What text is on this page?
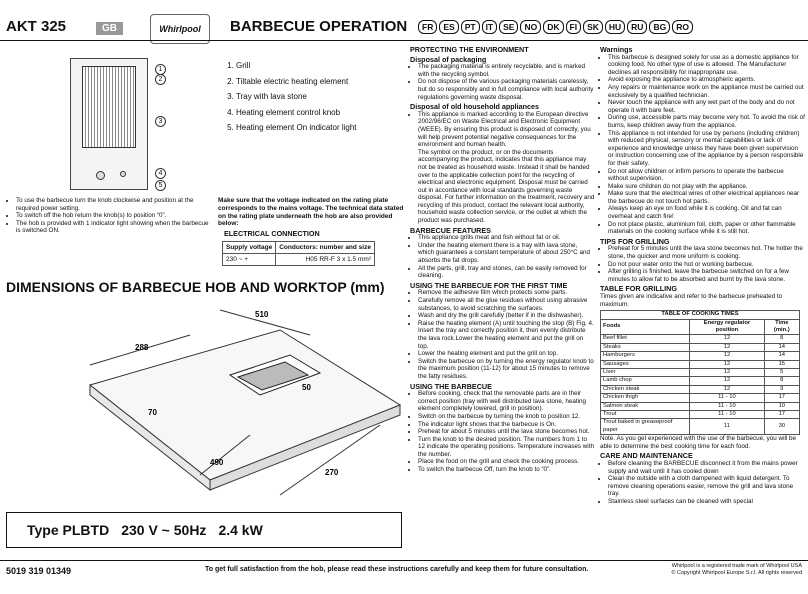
AKT 325	GB	Whirlpool	BARBECUE OPERATION	FR	ES	PT	IT	SE	NO	DK	FI	SK	HU	RU	BG	RO
1
2
3
4
5
1. Grill
2. Tiltable electric heating element
3. Tray with lava stone
4. Heating element control knob
5. Heating element On indicator light
• To use the barbecue turn the knob clockwise and position at the required power setting.
• To switch off the hob return the knob(s) to position “0”.
• The hob is provided with 1 indicator light showing when the barbecue is switched ON.
Make sure that the voltage indicated on the rating plate corresponds to the mains voltage. The technical data stated on the rating plate underneath the hob are also provided below:
ELECTRICAL CONNECTION
Supply voltage	Conductors: number and size
230 ~ +	H05 RR-F 3 x 1.5 mm²
DIMENSIONS OF BARBECUE HOB AND WORKTOP (mm)
288
510
50
70
490
270
Type PLBTD 230 V ~ 50Hz 2.4 kW
5019 319 01349	To get full satisfaction from the hob, please read these instructions carefully and keep them for future consultation.	Whirlpool is a registered trade mark of Whirlpool USA
© Copyright Whirlpool Europe S.r.l. All rights reserved
PROTECTING THE ENVIRONMENT
Disposal of packaging
• The packaging material is entirely recyclable, and is marked with the recycling symbol.
• Do not dispose of the various packaging materials carelessly, but do so responsibly and in full compliance with local authority regulations governing waste disposal.
Disposal of old household appliances
• This appliance is marked according to the European directive 2002/96/EC on Waste Electrical and Electronic Equipment (WEEE). By ensuring this product is disposed of correctly, you will help prevent potential negative consequences for the environment and human health.
The symbol on the product, or on the documents accompanying the product, indicates that this appliance may not be treated as household waste. Instead it shall be handed over to the applicable collection point for the recycling of electrical and electronic equipment. Disposal must be carried out in accordance with local standards governing waste disposal. For further information on the treatment, recovery and recycling of this product, contact the relevant local authority, household waste collection service, or the outlet at which the product was purchased.
BARBECUE FEATURES
• This appliance grills meat and fish without fat or oil.
• Under the heating element there is a tray with lava stone, which guarantees a constant temperature of about 250°C and absorbs the fat drops.
• All the parts, grill, tray and stones, can be easily removed for cleaning.
USING THE BARBECUE FOR THE FIRST TIME
• Remove the adhesive film which protects some parts.
• Carefully remove all the glue residues without using abrasive substances, to avoid scratching the surfaces.
• Wash and dry the grill carefully (better if in the dishwasher).
• Raise the heating element (A) until touching the stop (B) Fig. 4. Insert the tray and correctly position it, then evenly distribute the lava rock.Lower the heating element and put the grill on top.
• Lower the heating element and put the grill on top.
• Switch the barbecue on by turning the energy regulator knob to the maximum position (11-12) for about 15 minutes to remove the fatty residues.
USING THE BARBECUE
• Before cooking, check that the removable parts are in their correct position (tray with well distributed lava stone, heating element completely lowered, grill in position).
• Switch on the barbecue by turning the knob to position 12.
• The indicator light shows that the barbecue is On.
• Preheat for about 5 minutes until the lava stone becomes hot.
• Turn the knob to the desired position. The numbers from 1 to 12 indicate the operating positions. Temperature increases with the number.
• Place the food on the grill and check the cooking process.
• To switch the barbecue Off, turn the knob to “0”.
Warnings
• This barbecue is designed solely for use as a domestic appliance for cooking food. No other type of use is allowed. The Manufacturer declines all responsibility for inappropriate use.
• Avoid exposing the appliance to atmospheric agents.
• Any repairs or maintenance work on the appliance must be carried out exclusively by a qualified technician.
• Never touch the appliance with any wet part of the body and do not operate it with bare feet.
• During use, accessible parts may become very hot. To avoid the risk of burns, keep children away from the appliance.
• This appliance is not intended for use by persons (including children) with reduced physical, sensory or mental capabilities or lack of experience and knowledge unless they have been given supervision or instruction concerning use of the appliance by a person responsible for their safety.
• Do not allow children or infirm persons to operate the barbecue without supervision.
• Make sure children do not play with the appliance.
• Make sure that the electrical wires of other electrical appliances near the barbecue do not touch hot parts.
• Always keep an eye on food while it is cooking. Oil and fat can overheat and catch fire!
• Do not place plastic, aluminium foil, cloth, paper or other flammable materials on the cooking surface while it is still hot.
TIPS FOR GRILLING
• Preheat for 5 minutes until the lava stone becomes hot. The hotter the stone, the quicker and more uniform is cooking.
• Do not pour water onto the hot or working barbecue.
• After grilling is finished, leave the barbecue switched on for a few minutes to allow fat to be absorbed and burnt by the lava stone.
TABLE FOR GRILLING
Times given are indicative and refer to the barbecue preheated to maximum.
TABLE OF COOKING TIMES		
Foods	Energy regulator position	Time (min.)
Beef fillet	12	8
Steaks	12	14
Hamburgers	12	14
Sausages	12	15
Liver	12	5
Lamb chop	12	8
Chicken steak	12	9
Chicken thigh	11 - 10	17
Salmon steak	11 - 10	10
Trout	11 - 10	17
Trout baked in greaseproof paper	11	30
Note. As you get experienced with the use of the barbecue, you will be able to determine the best cooking time for each food.
CARE AND MAINTENANCE
• Before cleaning the BARBECUE disconnect it from the mains power supply and wait until it has cooled down
• Clean the outside with a cloth dampened with liquid detergent. To remove cleaning operations easier, remove the grill and lava stone tray.
• Stainless steel surfaces can be cleaned with special
